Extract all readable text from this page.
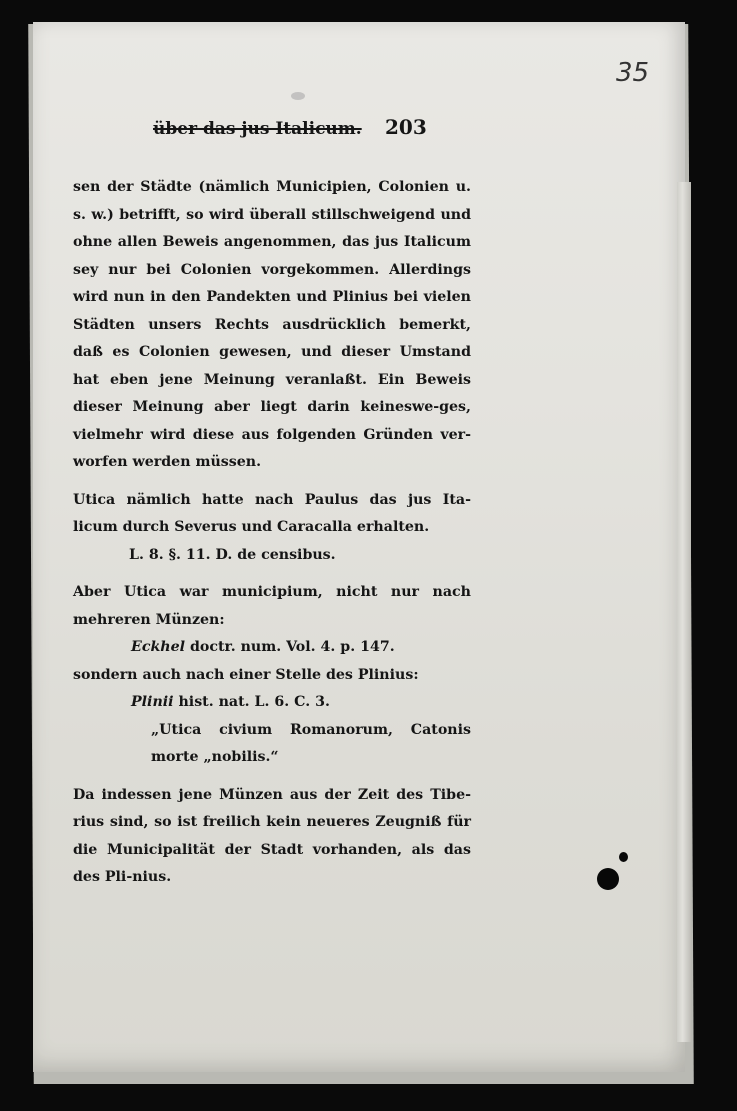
35
über das jus Italicum. 203

sen der Städte (nämlich Municipien, Colonien u. s. w.) betrifft, so wird überall stillschweigend und ohne allen Beweis angenommen, das jus Italicum sey nur bei Colonien vorgekommen. Allerdings wird nun in den Pandekten und Plinius bei vielen Städten unsers Rechts ausdrücklich bemerkt, daß es Colonien gewesen, und dieser Umstand hat eben jene Meinung veranlaßt. Ein Beweis dieser Meinung aber liegt darin keineswe-ges, vielmehr wird diese aus folgenden Gründen ver-worfen werden müssen.

Utica nämlich hatte nach Paulus das jus Ita-licum durch Severus und Caracalla erhalten.

L. 8. §. 11. D. de censibus.

Aber Utica war municipium, nicht nur nach mehreren Münzen:

Eckhel doctr. num. Vol. 4. p. 147.

sondern auch nach einer Stelle des Plinius:

Plinii hist. nat. L. 6. C. 3.

„Utica civium Romanorum, Catonis morte „nobilis.“

Da indessen jene Münzen aus der Zeit des Tibe-rius sind, so ist freilich kein neueres Zeugniß für die Municipalität der Stadt vorhanden, als das des Pli-nius.
